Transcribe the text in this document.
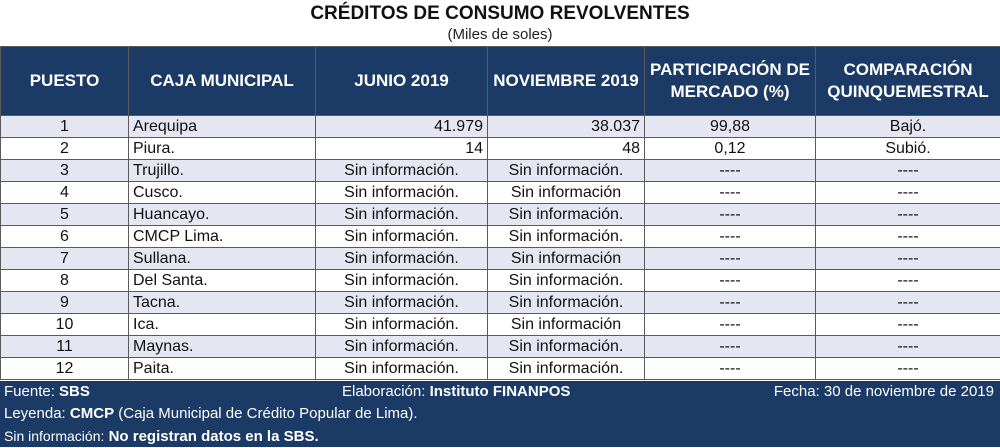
CRÉDITOS DE CONSUMO REVOLVENTES
(Miles de soles)
PUESTO	CAJA MUNICIPAL	JUNIO 2019	NOVIEMBRE 2019	PARTICIPACIÓN DE MERCADO (%)	COMPARACIÓN QUINQUEMESTRAL
1	Arequipa	41.979	38.037	99,88	Bajó.
2	Piura.	14	48	0,12	Subió.
3	Trujillo.	Sin información.	Sin información.	----	----
4	Cusco.	Sin información.	Sin información	----	----
5	Huancayo.	Sin información.	Sin información.	----	----
6	CMCP Lima.	Sin información.	Sin información.	----	----
7	Sullana.	Sin información.	Sin información	----	----
8	Del Santa.	Sin información.	Sin información.	----	----
9	Tacna.	Sin información.	Sin información.	----	----
10	Ica.	Sin información.	Sin información	----	----
11	Maynas.	Sin información.	Sin información.	----	----
12	Paita.	Sin información.	Sin información.	----	----
Fuente: SBS	Elaboración: Instituto FINANPOS	Fecha: 30 de noviembre de 2019
Leyenda: CMCP (Caja Municipal de Crédito Popular de Lima).
Sin información: No registran datos en la SBS.
